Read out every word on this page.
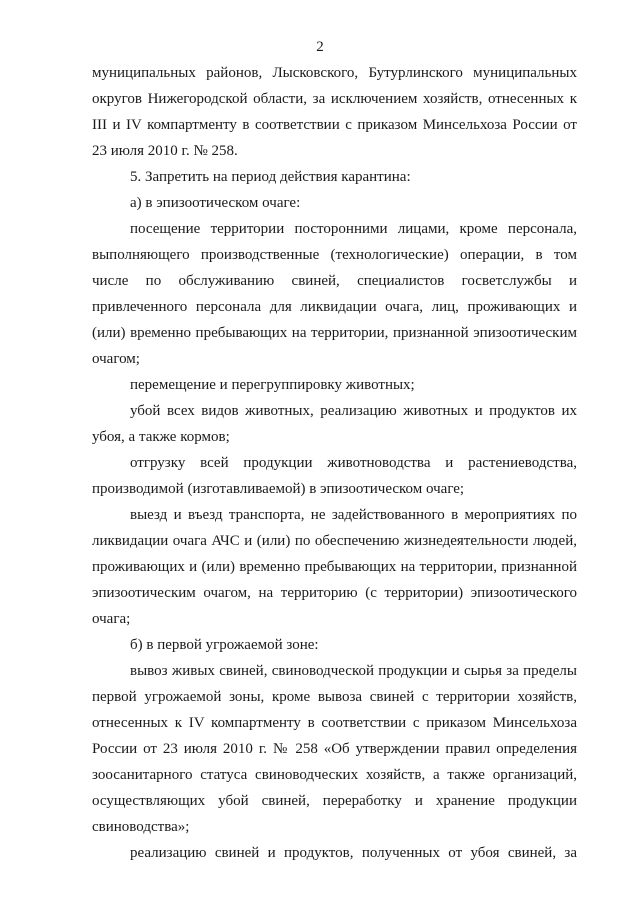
2
муниципальных районов, Лысковского, Бутурлинского муниципальных
округов Нижегородской области, за исключением хозяйств, отнесенных к
III и IV компартменту в соответствии с приказом Минсельхоза России от
23 июля 2010 г. № 258.
5. Запретить на период действия карантина:
а) в эпизоотическом очаге:
посещение территории посторонними лицами, кроме персонала,
выполняющего производственные (технологические) операции, в том
числе по обслуживанию свиней, специалистов госветслужбы и
привлеченного персонала для ликвидации очага, лиц, проживающих и
(или) временно пребывающих на территории, признанной эпизоотическим
очагом;
перемещение и перегруппировку животных;
убой всех видов животных, реализацию животных и продуктов их
убоя, а также кормов;
отгрузку всей продукции животноводства и растениеводства,
производимой (изготавливаемой) в эпизоотическом очаге;
выезд и въезд транспорта, не задействованного в мероприятиях по
ликвидации очага АЧС и (или) по обеспечению жизнедеятельности людей,
проживающих и (или) временно пребывающих на территории, признанной
эпизоотическим очагом, на территорию (с территории) эпизоотического
очага;
б) в первой угрожаемой зоне:
вывоз живых свиней, свиноводческой продукции и сырья за пределы
первой угрожаемой зоны, кроме вывоза свиней с территории хозяйств,
отнесенных к IV компартменту в соответствии с приказом Минсельхоза
России от 23 июля 2010 г. № 258 «Об утверждении правил определения
зоосанитарного статуса свиноводческих хозяйств, а также организаций,
осуществляющих убой свиней, переработку и хранение продукции
свиноводства»;
реализацию свиней и продуктов, полученных от убоя свиней, за
